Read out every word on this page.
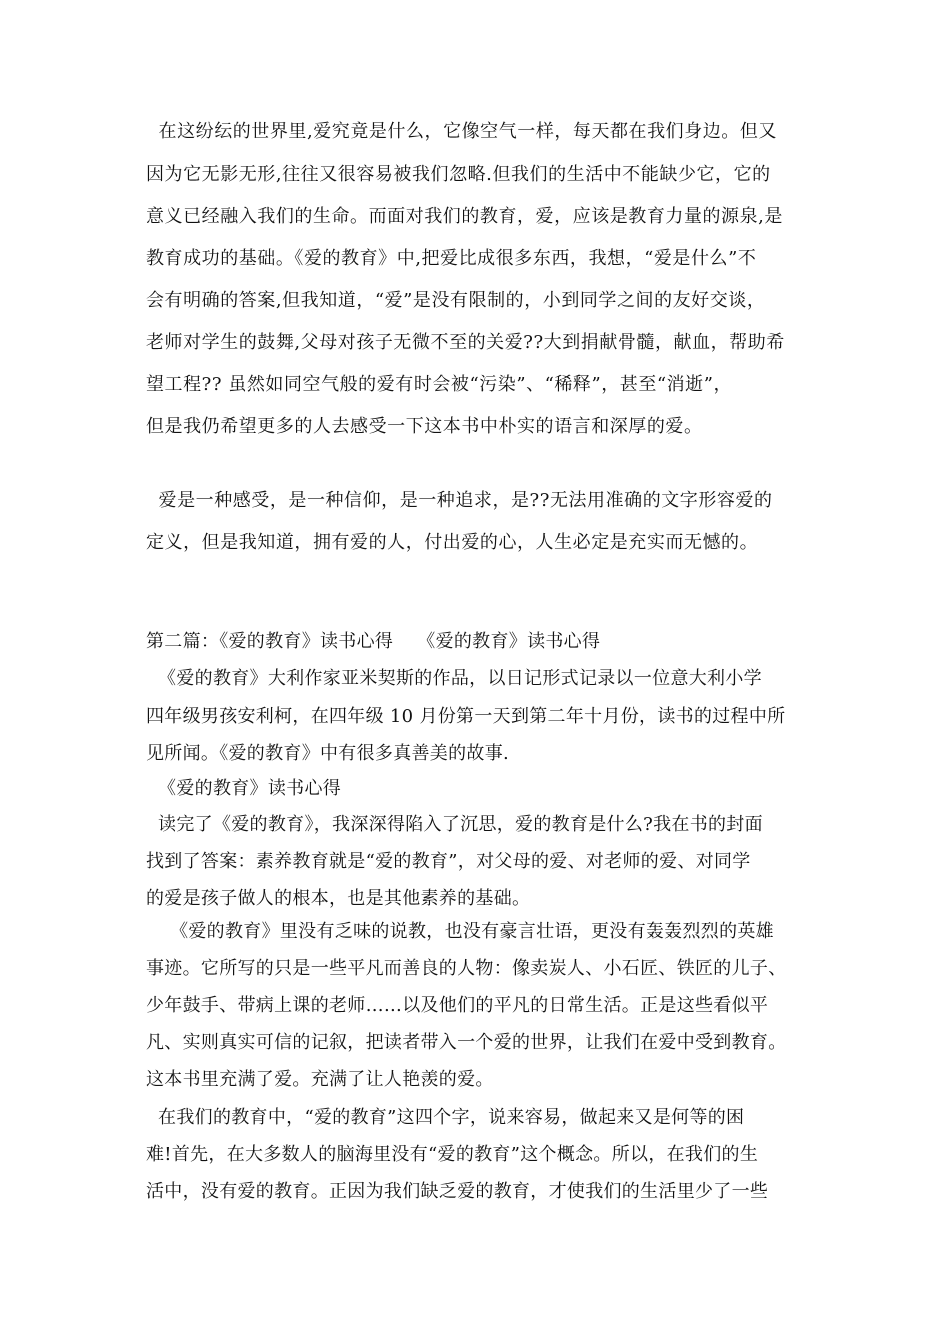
在这纷纭的世界里,爱究竟是什么，它像空气一样，每天都在我们身边。但又
因为它无影无形,往往又很容易被我们忽略.但我们的生活中不能缺少它，它的
意义已经融入我们的生命。而面对我们的教育，爱，应该是教育力量的源泉,是
教育成功的基础。《爱的教育》中,把爱比成很多东西，我想，“爱是什么”不
会有明确的答案,但我知道，“爱”是没有限制的，小到同学之间的友好交谈，
老师对学生的鼓舞,父母对孩子无微不至的关爱??大到捐献骨髓，献血，帮助希
望工程?? 虽然如同空气般的爱有时会被“污染”、“稀释”，甚至“消逝”，
但是我仍希望更多的人去感受一下这本书中朴实的语言和深厚的爱。
爱是一种感受，是一种信仰，是一种追求，是??无法用准确的文字形容爱的
定义，但是我知道，拥有爱的人，付出爱的心，人生必定是充实而无憾的。
第二篇：《爱的教育》读书心得    《爱的教育》读书心得
《爱的教育》大利作家亚米契斯的作品，以日记形式记录以一位意大利小学
四年级男孩安利柯，在四年级 10 月份第一天到第二年十月份，读书的过程中所
见所闻。《爱的教育》中有很多真善美的故事.
《爱的教育》读书心得
读完了《爱的教育》，我深深得陷入了沉思，爱的教育是什么?我在书的封面
找到了答案：素养教育就是“爱的教育”，对父母的爱、对老师的爱、对同学
的爱是孩子做人的根本，也是其他素养的基础。
《爱的教育》里没有乏味的说教，也没有豪言壮语，更没有轰轰烈烈的英雄
事迹。它所写的只是一些平凡而善良的人物：像卖炭人、小石匠、铁匠的儿子、
少年鼓手、带病上课的老师……以及他们的平凡的日常生活。正是这些看似平
凡、实则真实可信的记叙，把读者带入一个爱的世界，让我们在爱中受到教育。
这本书里充满了爱。充满了让人艳羡的爱。
在我们的教育中，“爱的教育”这四个字，说来容易，做起来又是何等的困
难!首先，在大多数人的脑海里没有“爱的教育”这个概念。所以，在我们的生
活中，没有爱的教育。正因为我们缺乏爱的教育，才使我们的生活里少了一些
